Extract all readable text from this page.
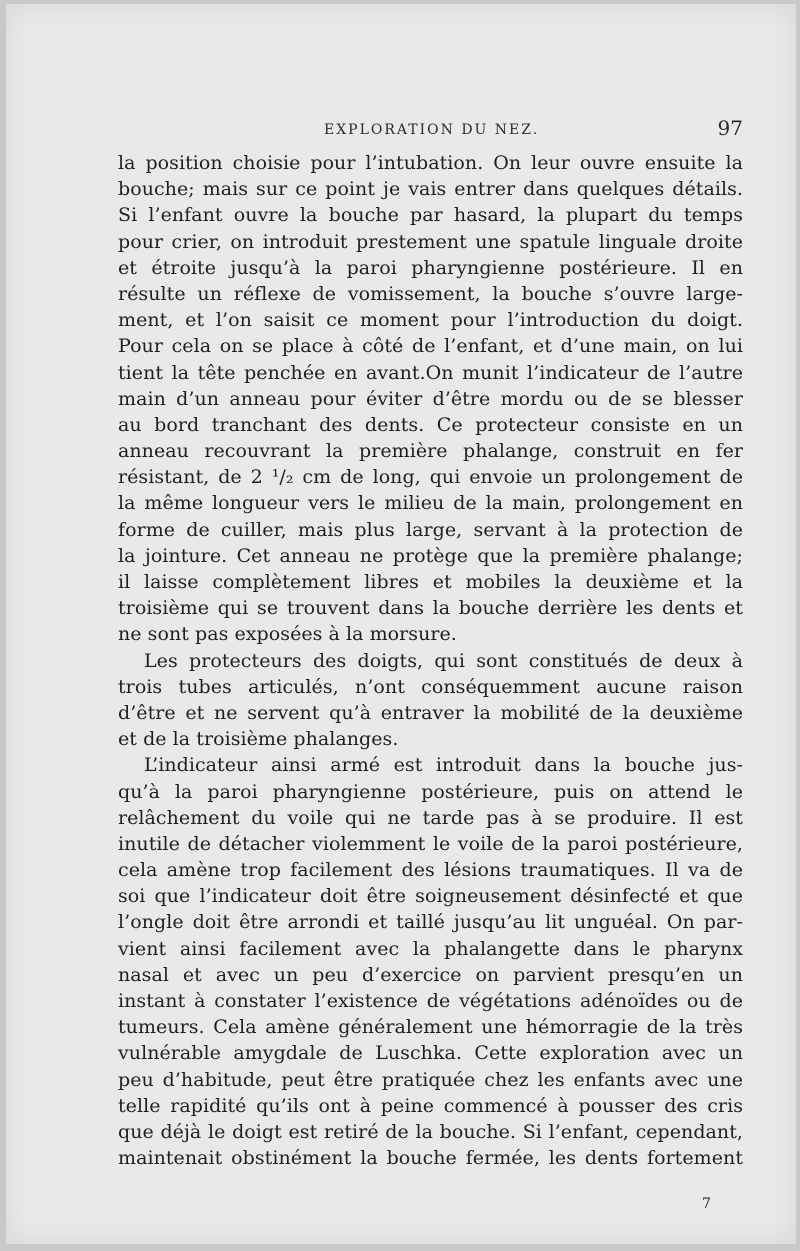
EXPLORATION DU NEZ.	97
7
la position choisie pour l’intubation. On leur ouvre ensuite la
bouche; mais sur ce point je vais entrer dans quelques détails.
Si l’enfant ouvre la bouche par hasard, la plupart du temps
pour crier, on introduit prestement une spatule linguale droite
et étroite jusqu’à la paroi pharyngienne postérieure. Il en
résulte un réflexe de vomissement, la bouche s’ouvre large-
ment, et l’on saisit ce moment pour l’introduction du doigt.
Pour cela on se place à côté de l’enfant, et d’une main, on lui
tient la tête penchée en avant.On munit l’indicateur de l’autre
main d’un anneau pour éviter d’être mordu ou de se blesser
au bord tranchant des dents. Ce protecteur consiste en un
anneau recouvrant la première phalange, construit en fer
résistant, de 2 ¹/₂ cm de long, qui envoie un prolongement de
la même longueur vers le milieu de la main, prolongement en
forme de cuiller, mais plus large, servant à la protection de
la jointure. Cet anneau ne protège que la première phalange;
il laisse complètement libres et mobiles la deuxième et la
troisième qui se trouvent dans la bouche derrière les dents et
ne sont pas exposées à la morsure.
Les protecteurs des doigts, qui sont constitués de deux à
trois tubes articulés, n’ont conséquemment aucune raison
d’être et ne servent qu’à entraver la mobilité de la deuxième
et de la troisième phalanges.
L’indicateur ainsi armé est introduit dans la bouche jus-
qu’à la paroi pharyngienne postérieure, puis on attend le
relâchement du voile qui ne tarde pas à se produire. Il est
inutile de détacher violemment le voile de la paroi postérieure,
cela amène trop facilement des lésions traumatiques. Il va de
soi que l’indicateur doit être soigneusement désinfecté et que
l’ongle doit être arrondi et taillé jusqu’au lit unguéal. On par-
vient ainsi facilement avec la phalangette dans le pharynx
nasal et avec un peu d’exercice on parvient presqu’en un
instant à constater l’existence de végétations adénoïdes ou de
tumeurs. Cela amène généralement une hémorragie de la très
vulnérable amygdale de Luschka. Cette exploration avec un
peu d’habitude, peut être pratiquée chez les enfants avec une
telle rapidité qu’ils ont à peine commencé à pousser des cris
que déjà le doigt est retiré de la bouche. Si l’enfant, cependant,
maintenait obstinément la bouche fermée, les dents fortement
